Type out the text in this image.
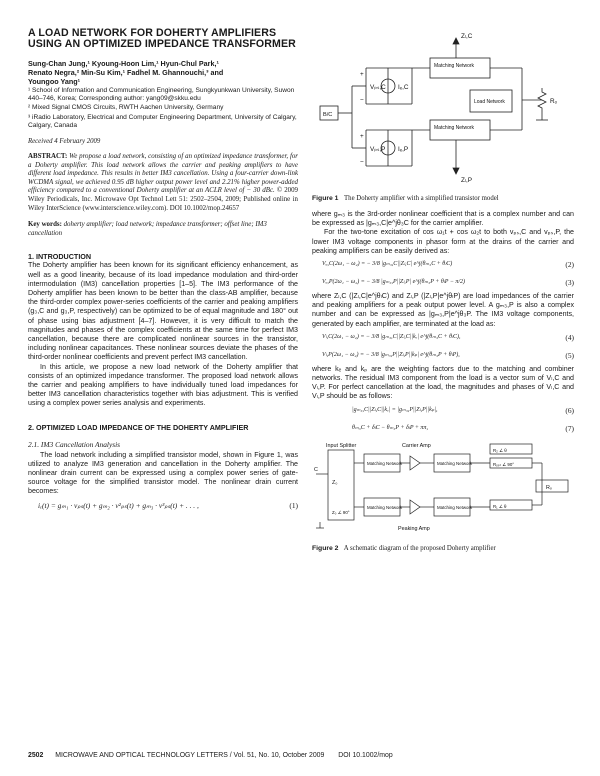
A LOAD NETWORK FOR DOHERTY AMPLIFIERS USING AN OPTIMIZED IMPEDANCE TRANSFORMER
Sung-Chan Jung,¹ Kyoung-Hoon Lim,¹ Hyun-Chul Park,¹
Renato Negra,² Min-Su Kim,¹ Fadhel M. Ghannouchi,³ and
Youngoo Yang¹
¹ School of Information and Communication Engineering, Sungkyunkwan University, Suwon 440–746, Korea; Corresponding author: yang09@skku.edu
² Mixed Signal CMOS Circuits, RWTH Aachen University, Germany
³ iRadio Laboratory, Electrical and Computer Engineering Department, University of Calgary, Calgary, Canada
Received 4 February 2009
ABSTRACT: We propose a load network, consisting of an optimized impedance transformer, for a Doherty amplifier. This load network allows the carrier and peaking amplifiers to have different load impedance. This results in better IM3 cancellation. Using a four-carrier down-link WCDMA signal, we achieved 0.95 dB higher output power level and 2.21% higher power-added efficiency compared to a conventional Doherty amplifier at an ACLR level of − 30 dBc. © 2009 Wiley Periodicals, Inc. Microwave Opt Technol Lett 51: 2502–2504, 2009; Published online in Wiley InterScience (www.interscience.wiley.com). DOI 10.1002/mop.24657
Key words: doherty amplifier; load network; impedance transformer; offset line; IM3 cancellation
1. INTRODUCTION

The Doherty amplifier has been known for its significant efficiency enhancement, as well as a good linearity, because of its load impedance modulation and third-order intermodulation (IM3) cancellation properties [1–5]. The IM3 performance of the Doherty amplifier has been known to be better than the class-AB amplifier, because the third-order complex power-series coefficients of the carrier and peaking amplifiers (g₃,C and g₃,P, respectively) can be optimized to be of equal magnitude and 180° out of phase using bias adjustment [4–7]. However, it is very difficult to match the magnitudes and phases of the complex coefficients at the same time for perfect IM3 cancellation, because there are complicated nonlinear sources in the transistor, including nonlinear capacitances. These nonlinear sources deviate the phases of the third-order nonlinear coefficients and prevent perfect IM3 cancellation.

In this article, we propose a new load network of the Doherty amplifier that consists of an optimized impedance transformer. The proposed load network allows the carrier and peaking amplifiers to have individually tuned load impedances for better IM3 cancellation characteristics together with bias adjustment. This is verified using a complex power series analysis and experiments.

2. OPTIMIZED LOAD IMPEDANCE OF THE DOHERTY AMPLIFIER
2.1. IM3 Cancellation Analysis

The load network including a simplified transistor model, shown in Figure 1, was utilized to analyze IM3 generation and cancellation in the Doherty amplifier. The nonlinear drain current can be expressed using a complex power series of gate-source voltage for the simplified transistor model. The nonlinear drain current becomes:

iₑ(t) = gₘ₁ · vₚₛ(t) + gₘ₂ · v²ₚₛ(t) + gₘ₃ · v³ₚₛ(t) + . . . ,	(1)
Zₗ,C
Matching Network
Load Network
Matching Network
Vₚₛ,C Iₑ,C
Vₚₛ,P Iₑ,P
B/C
Rₒ
Zₗ,P
+
−
+
−
Figure 1 The Doherty amplifier with a simplified transistor model

where gₘ₃ is the 3rd-order nonlinear coefficient that is a complex number and can be expressed as |gₘ₃,C|e^jθ₃C for the carrier amplifier.

For the two-tone excitation of cos ω₁t + cos ω₂t to both vₚₛ,C and vₚₛ,P, the lower IM3 voltage components in phasor form at the drains of the carrier and peaking amplifiers can be easily derived as:

Vₒ,C(2ω₁ − ω₂) = − 3/8 |gₘ₃,C||Zₗ,C| e^j(θₘ₃C + θₗC)	(2)
Vₒ,P(2ω₁ − ω₂) = − 3/8 |gₘ₃,P||Zₗ,P| e^j(θₘ₃P + θₗP − π/2)	(3)

where Zₗ,C (|Zₗ,C|e^jθₗC) and Zₗ,P (|Zₗ,P|e^jθₗP) are load impedances of the carrier and peaking amplifiers for a peak output power level. A gₘ₃,P is also a complex number and can be expressed as |gₘ₃,P|e^jθ₃P. The IM3 voltage components, generated by each amplifier, are terminated at the load as:

Vₗ,C(2ω₁ − ω₂) = − 3/8 |gₘ₃,C||Zₗ,C||kₑ| e^j(θₘ₃C + θₗC),	(4)
Vₗ,P(2ω₁ − ω₂) = − 3/8 |gₘ₃,P||Zₗ,P||kₚ| e^j(θₘ₃P + θₗP),	(5)

where kₑ and kₚ are the weighting factors due to the matching and combiner networks. The residual IM3 component from the load is a vector sum of Vₗ,C and Vₗ,P. For perfect cancellation at the load, the magnitudes and phases of Vₗ,C and Vₗ,P should be as follows:

|gₘ₃,C||Zₗ,C||kₑ| = |gₘ₃,P||Zₗ,P||kₚ|,	(6)
θₘ₃C + δₗC − θₘ₃P + δₗP + ππ,	(7)
Input Splitter	Carrier Amp
Peaking Amp
Matching Network	Matching Network
Matching Network	Matching Network
Z₀
Z₀ ∠ 90°
R₂ ∠ θ
Rₒₚₜ ∠ 90°
R₁ ∠ θ
Rₒ
C
Figure 2 A schematic diagram of the proposed Doherty amplifier
2502 MICROWAVE AND OPTICAL TECHNOLOGY LETTERS / Vol. 51, No. 10, October 2009 DOI 10.1002/mop
